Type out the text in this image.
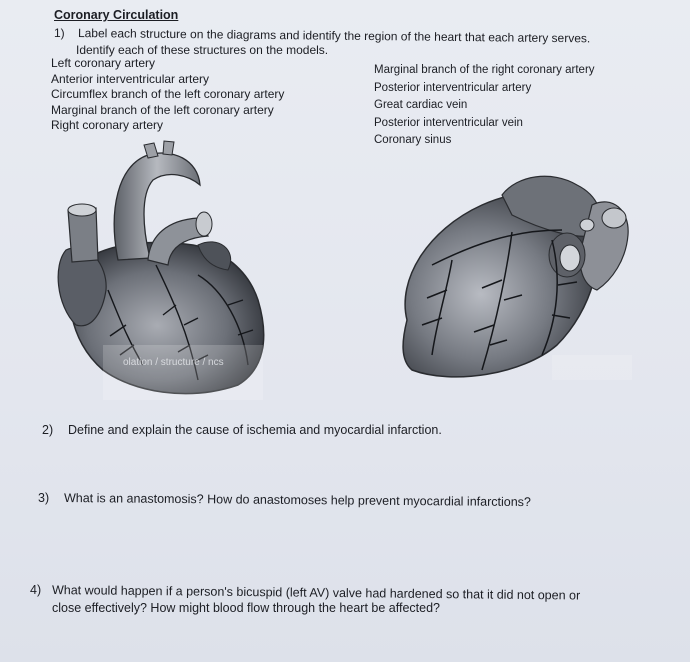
Coronary Circulation
1) Label each structure on the diagrams and identify the region of the heart that each artery serves.
Identify each of these structures on the models.
Left coronary artery
Anterior interventricular artery
Circumflex branch of the left coronary artery
Marginal branch of the left coronary artery
Right coronary artery
Marginal branch of the right coronary artery
Posterior interventricular artery
Great cardiac vein
Posterior interventricular vein
Coronary sinus
olation / structure / ncs
2) Define and explain the cause of ischemia and myocardial infarction.
3) What is an anastomosis? How do anastomoses help prevent myocardial infarctions?
4) What would happen if a person's bicuspid (left AV) valve had hardened so that it did not open or
close effectively? How might blood flow through the heart be affected?
